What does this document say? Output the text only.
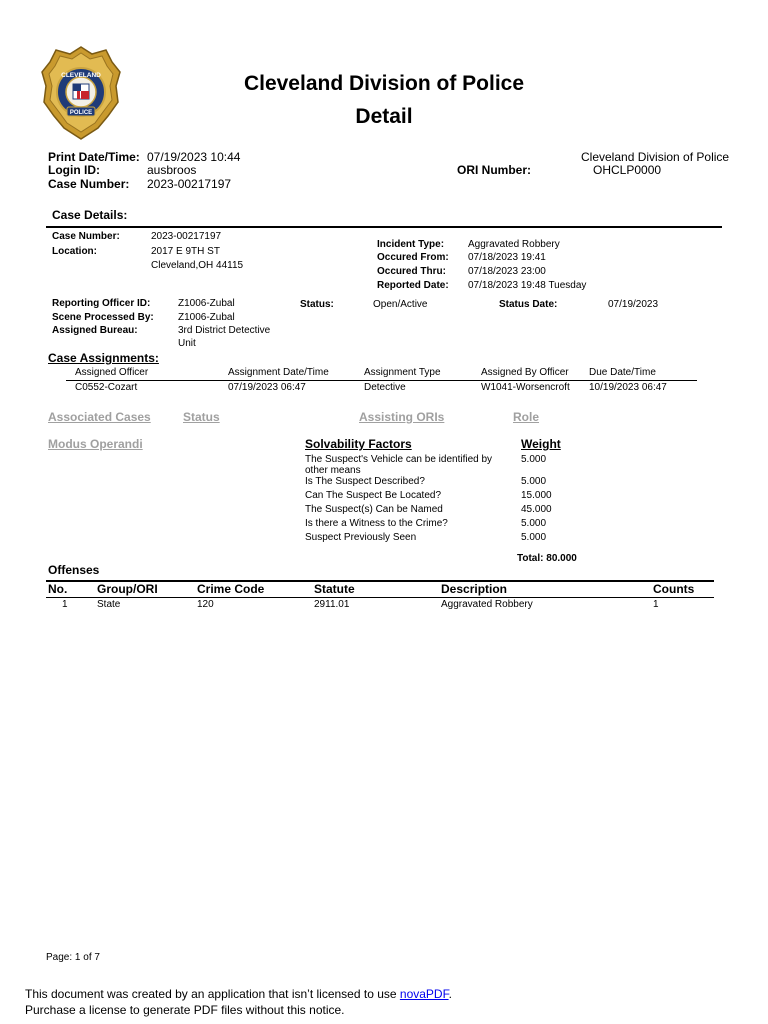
CLEVELAND
POLICE
Cleveland Division of Police
Detail
Print Date/Time: 07/19/2023 10:44
Login ID:	ausbroos
Case Number: 2023-00217197
ORI Number:
Cleveland Division of Police
OHCLP0000
Case Details:
Case Number:	2023-00217197
Location:	2017 E 9TH ST
Cleveland,OH 44115
Incident Type: Aggravated Robbery
Occured From: 07/18/2023 19:41
Occured Thru: 07/18/2023 23:00
Reported Date: 07/18/2023 19:48 Tuesday
Reporting Officer ID:	Z1006-Zubal
Scene Processed By: Z1006-Zubal
Assigned Bureau:	3rd District Detective
Unit
Status:	Open/Active	Status Date:	07/19/2023
Case Assignments:
Assigned Officer	Assignment Date/Time	Assignment Type	Assigned By Officer Due Date/Time
C0552-Cozart	07/19/2023 06:47	Detective	W1041-Worsencroft 10/19/2023 06:47
Associated Cases	Status	Assisting ORIs	Role
Modus Operandi	Solvability Factors	Weight
The Suspect's Vehicle can be identified by
other means
5.000
Is The Suspect Described?	5.000
Can The Suspect Be Located?	15.000
The Suspect(s) Can be Named	45.000
Is there a Witness to the Crime?	5.000
Suspect Previously Seen	5.000
Total: 80.000
Offenses
No. Group/ORI	Crime Code	Statute	Description	Counts
1	State	120	2911.01	Aggravated Robbery	1
Page: 1 of 7
This document was created by an application that isn’t licensed to use novaPDF.
Purchase a license to generate PDF files without this notice.
